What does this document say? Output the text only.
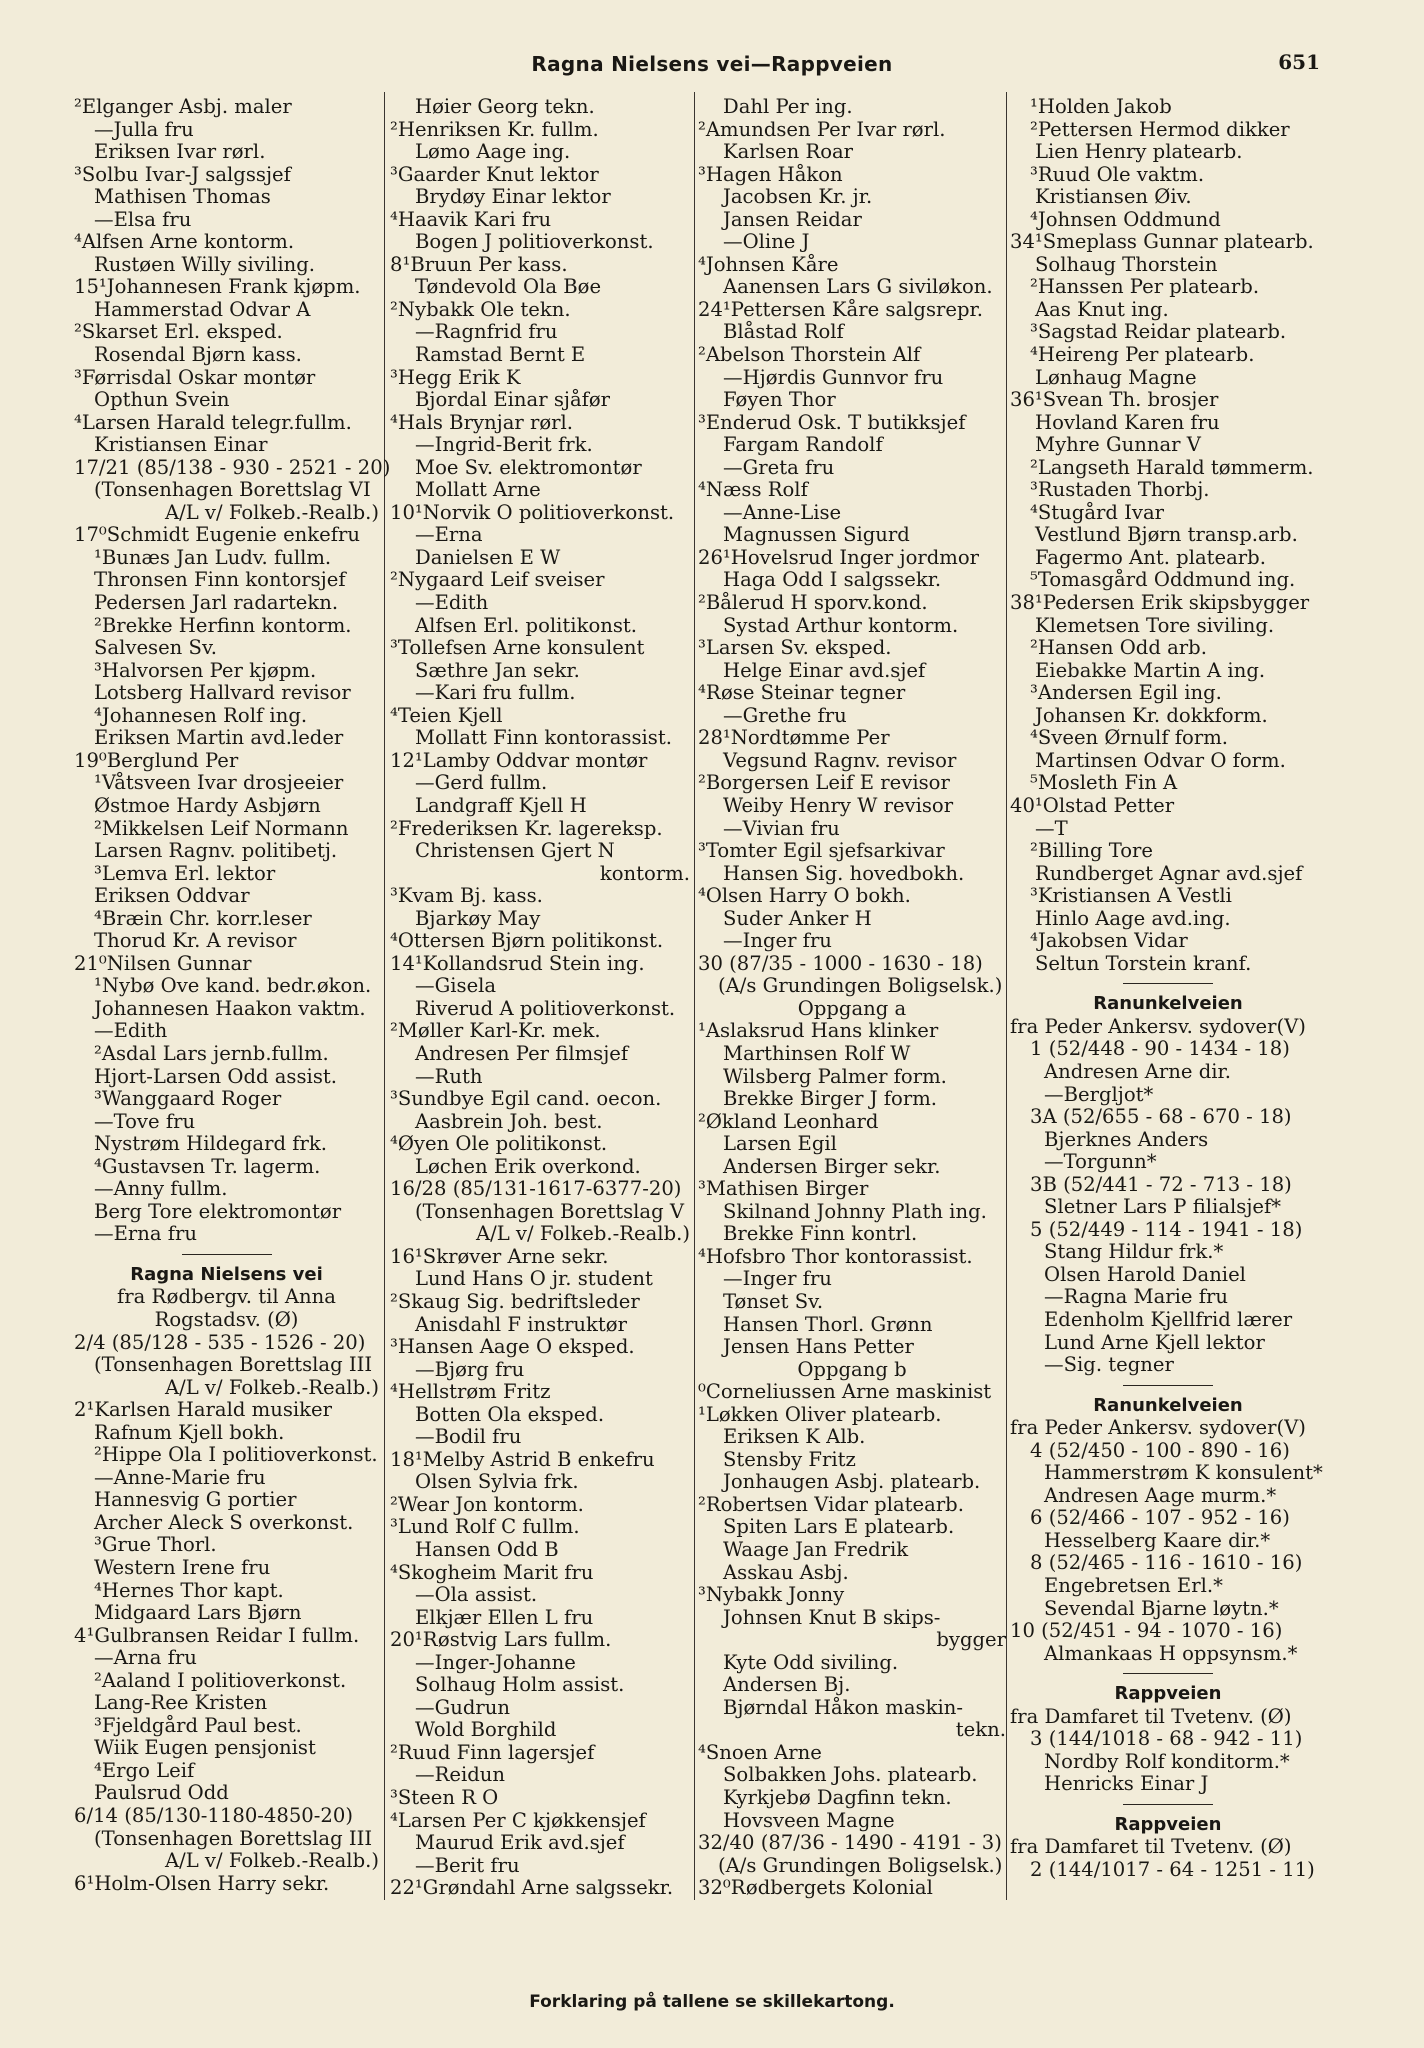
Ragna Nielsens vei—Rappveien	651
²Elganger Asbj. maler
—Julla fru
Eriksen Ivar rørl.
³Solbu Ivar-J salgssjef
Mathisen Thomas
—Elsa fru
⁴Alfsen Arne kontorm.
Rustøen Willy siviling.
15¹Johannesen Frank kjøpm.
Hammerstad Odvar A
²Skarset Erl. eksped.
Rosendal Bjørn kass.
³Førrisdal Oskar montør
Opthun Svein
⁴Larsen Harald telegr.fullm.
Kristiansen Einar
17/21 (85/138 - 930 - 2521 - 20)
(Tonsenhagen Borettslag VI
A/L v/ Folkeb.-Realb.)
17⁰Schmidt Eugenie enkefru
¹Bunæs Jan Ludv. fullm.
Thronsen Finn kontorsjef
Pedersen Jarl radartekn.
²Brekke Herfinn kontorm.
Salvesen Sv.
³Halvorsen Per kjøpm.
Lotsberg Hallvard revisor
⁴Johannesen Rolf ing.
Eriksen Martin avd.leder
19⁰Berglund Per
¹Våtsveen Ivar drosjeeier
Østmoe Hardy Asbjørn
²Mikkelsen Leif Normann
Larsen Ragnv. politibetj.
³Lemva Erl. lektor
Eriksen Oddvar
⁴Bræin Chr. korr.leser
Thorud Kr. A revisor
21⁰Nilsen Gunnar
¹Nybø Ove kand. bedr.økon.
Johannesen Haakon vaktm.
—Edith
²Asdal Lars jernb.fullm.
Hjort-Larsen Odd assist.
³Wanggaard Roger
—Tove fru
Nystrøm Hildegard frk.
⁴Gustavsen Tr. lagerm.
—Anny fullm.
Berg Tore elektromontør
—Erna fru
Ragna Nielsens vei
fra Rødbergv. til Anna
Rogstadsv. (Ø)
2/4 (85/128 - 535 - 1526 - 20)
(Tonsenhagen Borettslag III
A/L v/ Folkeb.-Realb.)
2¹Karlsen Harald musiker
Rafnum Kjell bokh.
²Hippe Ola I politioverkonst.
—Anne-Marie fru
Hannesvig G portier
Archer Aleck S overkonst.
³Grue Thorl.
Western Irene fru
⁴Hernes Thor kapt.
Midgaard Lars Bjørn
4¹Gulbransen Reidar I fullm.
—Arna fru
²Aaland I politioverkonst.
Lang-Ree Kristen
³Fjeldgård Paul best.
Wiik Eugen pensjonist
⁴Ergo Leif
Paulsrud Odd
6/14 (85/130-1180-4850-20)
(Tonsenhagen Borettslag III
A/L v/ Folkeb.-Realb.)
6¹Holm-Olsen Harry sekr.
Høier Georg tekn.
²Henriksen Kr. fullm.
Lømo Aage ing.
³Gaarder Knut lektor
Brydøy Einar lektor
⁴Haavik Kari fru
Bogen J politioverkonst.
8¹Bruun Per kass.
Tøndevold Ola Bøe
²Nybakk Ole tekn.
—Ragnfrid fru
Ramstad Bernt E
³Hegg Erik K
Bjordal Einar sjåfør
⁴Hals Brynjar rørl.
—Ingrid-Berit frk.
Moe Sv. elektromontør
Mollatt Arne
10¹Norvik O politioverkonst.
—Erna
Danielsen E W
²Nygaard Leif sveiser
—Edith
Alfsen Erl. politikonst.
³Tollefsen Arne konsulent
Sæthre Jan sekr.
—Kari fru fullm.
⁴Teien Kjell
Mollatt Finn kontorassist.
12¹Lamby Oddvar montør
—Gerd fullm.
Landgraff Kjell H
²Frederiksen Kr. lagereksp.
Christensen Gjert N
kontorm.
³Kvam Bj. kass.
Bjarkøy May
⁴Ottersen Bjørn politikonst.
14¹Kollandsrud Stein ing.
—Gisela
Riverud A politioverkonst.
²Møller Karl-Kr. mek.
Andresen Per filmsjef
—Ruth
³Sundbye Egil cand. oecon.
Aasbrein Joh. best.
⁴Øyen Ole politikonst.
Løchen Erik overkond.
16/28 (85/131-1617-6377-20)
(Tonsenhagen Borettslag V
A/L v/ Folkeb.-Realb.)
16¹Skrøver Arne sekr.
Lund Hans O jr. student
²Skaug Sig. bedriftsleder
Anisdahl F instruktør
³Hansen Aage O eksped.
—Bjørg fru
⁴Hellstrøm Fritz
Botten Ola eksped.
—Bodil fru
18¹Melby Astrid B enkefru
Olsen Sylvia frk.
²Wear Jon kontorm.
³Lund Rolf C fullm.
Hansen Odd B
⁴Skogheim Marit fru
—Ola assist.
Elkjær Ellen L fru
20¹Røstvig Lars fullm.
—Inger-Johanne
Solhaug Holm assist.
—Gudrun
Wold Borghild
²Ruud Finn lagersjef
—Reidun
³Steen R O
⁴Larsen Per C kjøkkensjef
Maurud Erik avd.sjef
—Berit fru
22¹Grøndahl Arne salgssekr.
Dahl Per ing.
²Amundsen Per Ivar rørl.
Karlsen Roar
³Hagen Håkon
Jacobsen Kr. jr.
Jansen Reidar
—Oline J
⁴Johnsen Kåre
Aanensen Lars G siviløkon.
24¹Pettersen Kåre salgsrepr.
Blåstad Rolf
²Abelson Thorstein Alf
—Hjørdis Gunnvor fru
Føyen Thor
³Enderud Osk. T butikksjef
Fargam Randolf
—Greta fru
⁴Næss Rolf
—Anne-Lise
Magnussen Sigurd
26¹Hovelsrud Inger jordmor
Haga Odd I salgssekr.
²Bålerud H sporv.kond.
Systad Arthur kontorm.
³Larsen Sv. eksped.
Helge Einar avd.sjef
⁴Røse Steinar tegner
—Grethe fru
28¹Nordtømme Per
Vegsund Ragnv. revisor
²Borgersen Leif E revisor
Weiby Henry W revisor
—Vivian fru
³Tomter Egil sjefsarkivar
Hansen Sig. hovedbokh.
⁴Olsen Harry O bokh.
Suder Anker H
—Inger fru
30 (87/35 - 1000 - 1630 - 18)
(A/s Grundingen Boligselsk.)
Oppgang a
¹Aslaksrud Hans klinker
Marthinsen Rolf W
Wilsberg Palmer form.
Brekke Birger J form.
²Økland Leonhard
Larsen Egil
Andersen Birger sekr.
³Mathisen Birger
Skilnand Johnny Plath ing.
Brekke Finn kontrl.
⁴Hofsbro Thor kontorassist.
—Inger fru
Tønset Sv.
Hansen Thorl. Grønn
Jensen Hans Petter
Oppgang b
⁰Corneliussen Arne maskinist
¹Løkken Oliver platearb.
Eriksen K Alb.
Stensby Fritz
Jonhaugen Asbj. platearb.
²Robertsen Vidar platearb.
Spiten Lars E platearb.
Waage Jan Fredrik
Asskau Asbj.
³Nybakk Jonny
Johnsen Knut B skips-
bygger
Kyte Odd siviling.
Andersen Bj.
Bjørndal Håkon maskin-
tekn.
⁴Snoen Arne
Solbakken Johs. platearb.
Kyrkjebø Dagfinn tekn.
Hovsveen Magne
32/40 (87/36 - 1490 - 4191 - 3)
(A/s Grundingen Boligselsk.)
32⁰Rødbergets Kolonial
¹Holden Jakob
²Pettersen Hermod dikker
Lien Henry platearb.
³Ruud Ole vaktm.
Kristiansen Øiv.
⁴Johnsen Oddmund
34¹Smeplass Gunnar platearb.
Solhaug Thorstein
²Hanssen Per platearb.
Aas Knut ing.
³Sagstad Reidar platearb.
⁴Heireng Per platearb.
Lønhaug Magne
36¹Svean Th. brosjer
Hovland Karen fru
Myhre Gunnar V
²Langseth Harald tømmerm.
³Rustaden Thorbj.
⁴Stugård Ivar
Vestlund Bjørn transp.arb.
Fagermo Ant. platearb.
⁵Tomasgård Oddmund ing.
38¹Pedersen Erik skipsbygger
Klemetsen Tore siviling.
²Hansen Odd arb.
Eiebakke Martin A ing.
³Andersen Egil ing.
Johansen Kr. dokkform.
⁴Sveen Ørnulf form.
Martinsen Odvar O form.
⁵Mosleth Fin A
40¹Olstad Petter
—T
²Billing Tore
Rundberget Agnar avd.sjef
³Kristiansen A Vestli
Hinlo Aage avd.ing.
⁴Jakobsen Vidar
Seltun Torstein kranf.
Ranunkelveien
fra Peder Ankersv. sydover(V)
1 (52/448 - 90 - 1434 - 18)
Andresen Arne dir.
—Bergljot*
3A (52/655 - 68 - 670 - 18)
Bjerknes Anders
—Torgunn*
3B (52/441 - 72 - 713 - 18)
Sletner Lars P filialsjef*
5 (52/449 - 114 - 1941 - 18)
Stang Hildur frk.*
Olsen Harold Daniel
—Ragna Marie fru
Edenholm Kjellfrid lærer
Lund Arne Kjell lektor
—Sig. tegner
Ranunkelveien
fra Peder Ankersv. sydover(V)
4 (52/450 - 100 - 890 - 16)
Hammerstrøm K konsulent*
Andresen Aage murm.*
6 (52/466 - 107 - 952 - 16)
Hesselberg Kaare dir.*
8 (52/465 - 116 - 1610 - 16)
Engebretsen Erl.*
Sevendal Bjarne løytn.*
10 (52/451 - 94 - 1070 - 16)
Almankaas H oppsynsm.*
Rappveien
fra Damfaret til Tvetenv. (Ø)
3 (144/1018 - 68 - 942 - 11)
Nordby Rolf konditorm.*
Henricks Einar J
Rappveien
fra Damfaret til Tvetenv. (Ø)
2 (144/1017 - 64 - 1251 - 11)
Forklaring på tallene se skillekartong.
